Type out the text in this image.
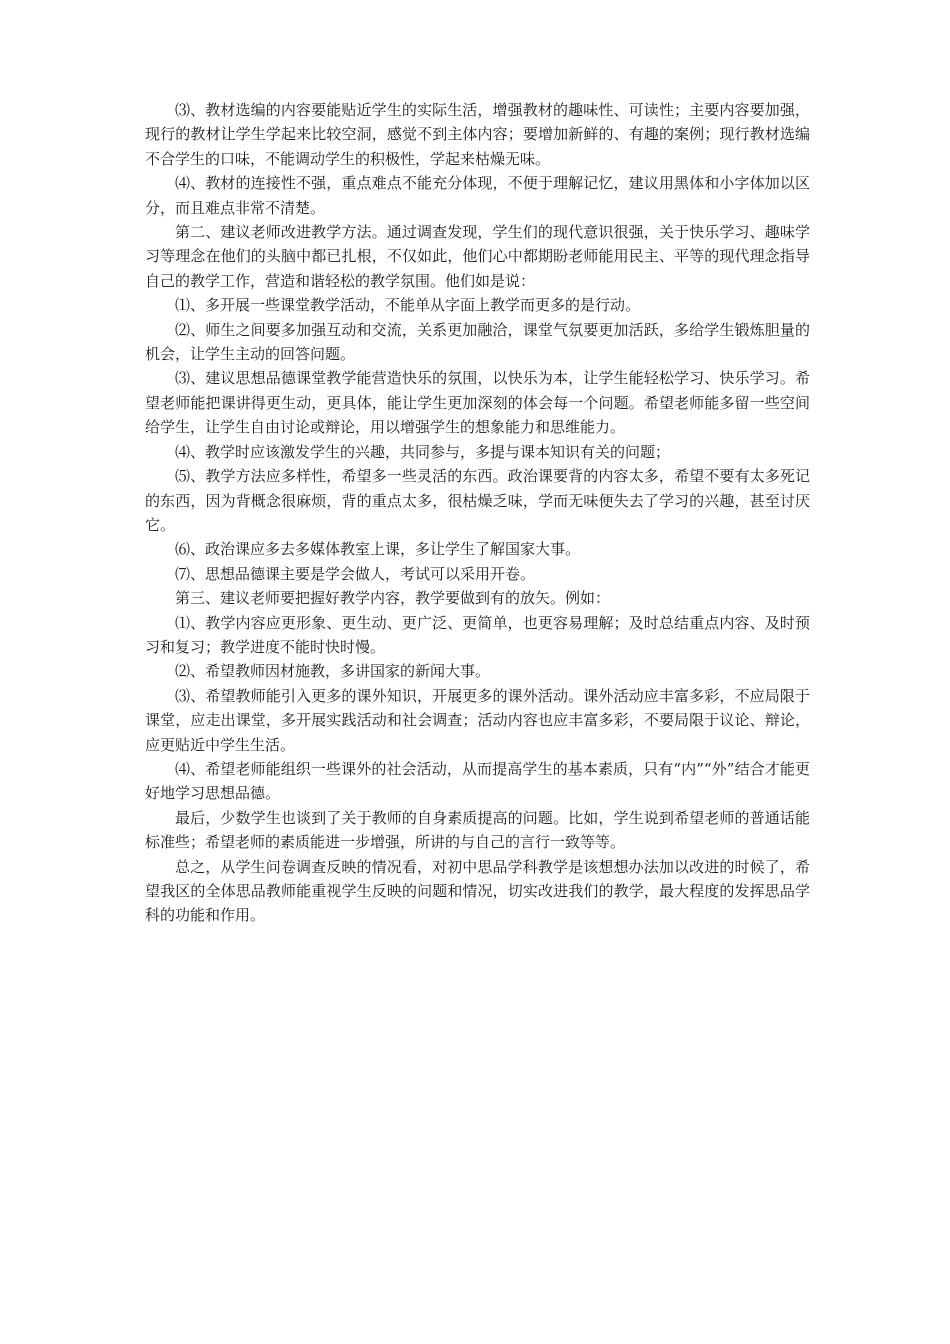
⑶、教材选编的内容要能贴近学生的实际生活，增强教材的趣味性、可读性；主要内容要加强，现行的教材让学生学起来比较空洞，感觉不到主体内容；要增加新鲜的、有趣的案例；现行教材选编不合学生的口味，不能调动学生的积极性，学起来枯燥无味。

⑷、教材的连接性不强，重点难点不能充分体现，不便于理解记忆，建议用黑体和小字体加以区分，而且难点非常不清楚。

第二、建议老师改进教学方法。通过调查发现，学生们的现代意识很强，关于快乐学习、趣味学习等理念在他们的头脑中都已扎根，不仅如此，他们心中都期盼老师能用民主、平等的现代理念指导自己的教学工作，营造和谐轻松的教学氛围。他们如是说：

⑴、多开展一些课堂教学活动，不能单从字面上教学而更多的是行动。

⑵、师生之间要多加强互动和交流，关系更加融洽，课堂气氛要更加活跃，多给学生锻炼胆量的机会，让学生主动的回答问题。

⑶、建议思想品德课堂教学能营造快乐的氛围，以快乐为本，让学生能轻松学习、快乐学习。希望老师能把课讲得更生动，更具体，能让学生更加深刻的体会每一个问题。希望老师能多留一些空间给学生，让学生自由讨论或辩论，用以增强学生的想象能力和思维能力。

⑷、教学时应该激发学生的兴趣，共同参与，多提与课本知识有关的问题；

⑸、教学方法应多样性，希望多一些灵活的东西。政治课要背的内容太多，希望不要有太多死记的东西，因为背概念很麻烦，背的重点太多，很枯燥乏味，学而无味便失去了学习的兴趣，甚至讨厌它。

⑹、政治课应多去多媒体教室上课，多让学生了解国家大事。

⑺、思想品德课主要是学会做人，考试可以采用开卷。

第三、建议老师要把握好教学内容，教学要做到有的放矢。例如：

⑴、教学内容应更形象、更生动、更广泛、更简单，也更容易理解；及时总结重点内容、及时预习和复习；教学进度不能时快时慢。

⑵、希望教师因材施教，多讲国家的新闻大事。

⑶、希望教师能引入更多的课外知识，开展更多的课外活动。课外活动应丰富多彩，不应局限于课堂，应走出课堂，多开展实践活动和社会调查；活动内容也应丰富多彩，不要局限于议论、辩论，应更贴近中学生生活。

⑷、希望老师能组织一些课外的社会活动，从而提高学生的基本素质，只有“内”“外”结合才能更好地学习思想品德。

最后，少数学生也谈到了关于教师的自身素质提高的问题。比如，学生说到希望老师的普通话能标准些；希望老师的素质能进一步增强，所讲的与自己的言行一致等等。

总之，从学生问卷调查反映的情况看，对初中思品学科教学是该想想办法加以改进的时候了，希望我区的全体思品教师能重视学生反映的问题和情况，切实改进我们的教学，最大程度的发挥思品学科的功能和作用。
